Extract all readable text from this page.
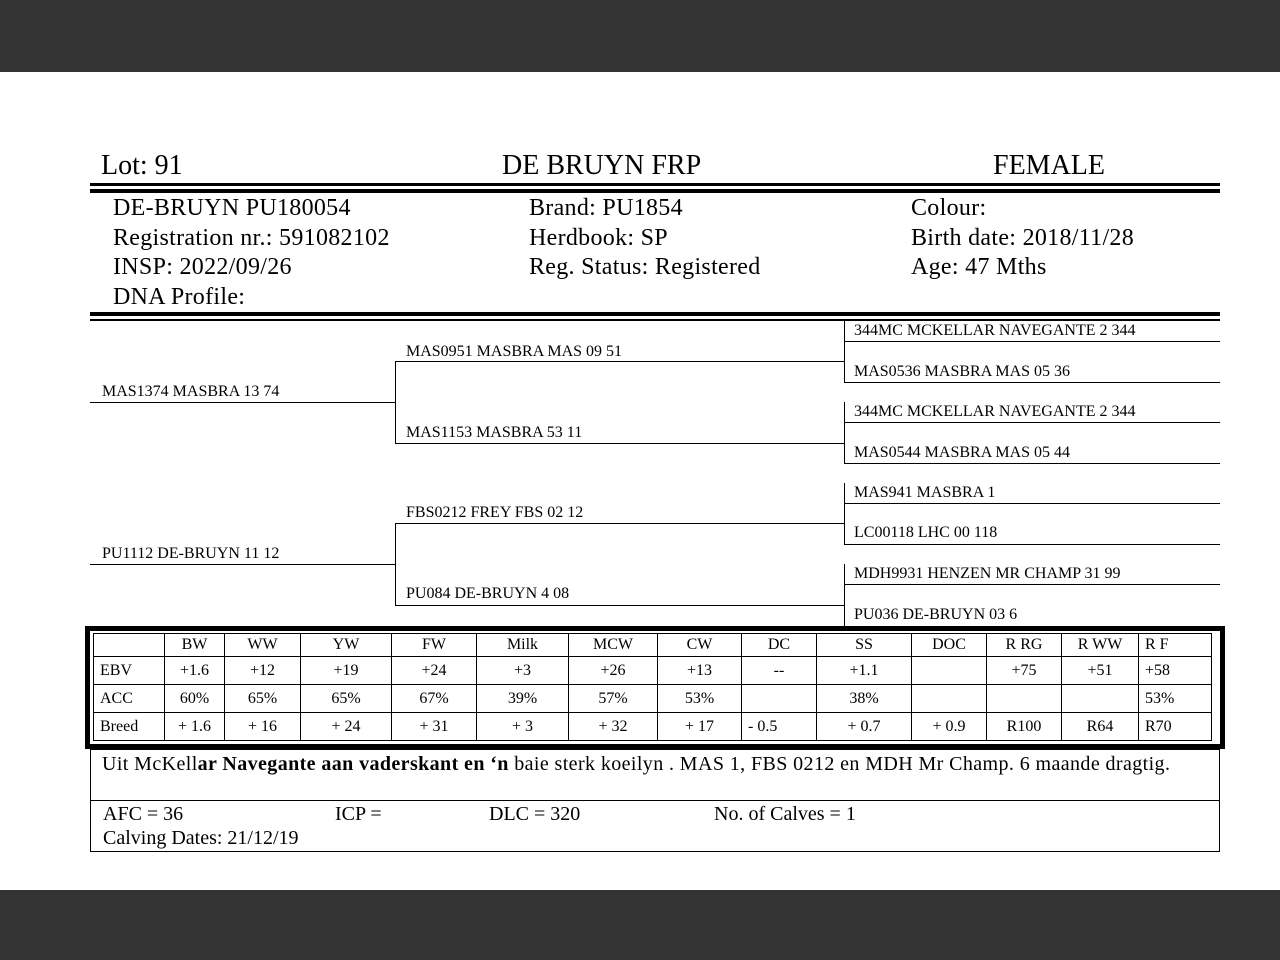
Lot: 91	DE BRUYN FRP	FEMALE
DE-BRUYN PU180054
Registration nr.: 591082102
INSP: 2022/09/26
DNA Profile:
Brand: PU1854
Herdbook: SP
Reg. Status: Registered
Colour:
Birth date: 2018/11/28
Age: 47 Mths
MAS1374 MASBRA 13 74
PU1112 DE-BRUYN 11 12
MAS0951 MASBRA MAS 09 51
MAS1153 MASBRA 53 11
FBS0212 FREY FBS 02 12
PU084 DE-BRUYN 4 08
344MC MCKELLAR NAVEGANTE 2 344
MAS0536 MASBRA MAS 05 36
344MC MCKELLAR NAVEGANTE 2 344
MAS0544 MASBRA MAS 05 44
MAS941 MASBRA 1
LC00118 LHC 00 118
MDH9931 HENZEN MR CHAMP 31 99
PU036 DE-BRUYN 03 6
	BW	WW	YW	FW	Milk	MCW	CW	DC	SS	DOC	R RG	R WW	R F
EBV	+1.6	+12	+19	+24	+3	+26	+13	--	+1.1		+75	+51	+58
ACC	60%	65%	65%	67%	39%	57%	53%		38%				53%
Breed	+ 1.6	+ 16	+ 24	+ 31	+ 3	+ 32	+ 17	- 0.5	+ 0.7	+ 0.9	R100	R64	R70
Uit McKellar Navegante aan vaderskant en ‘n baie sterk koeilyn . MAS 1, FBS 0212 en MDH Mr Champ. 6 maande dragtig.
AFC = 36	ICP =	DLC = 320	No. of Calves = 1
Calving Dates: 21/12/19
